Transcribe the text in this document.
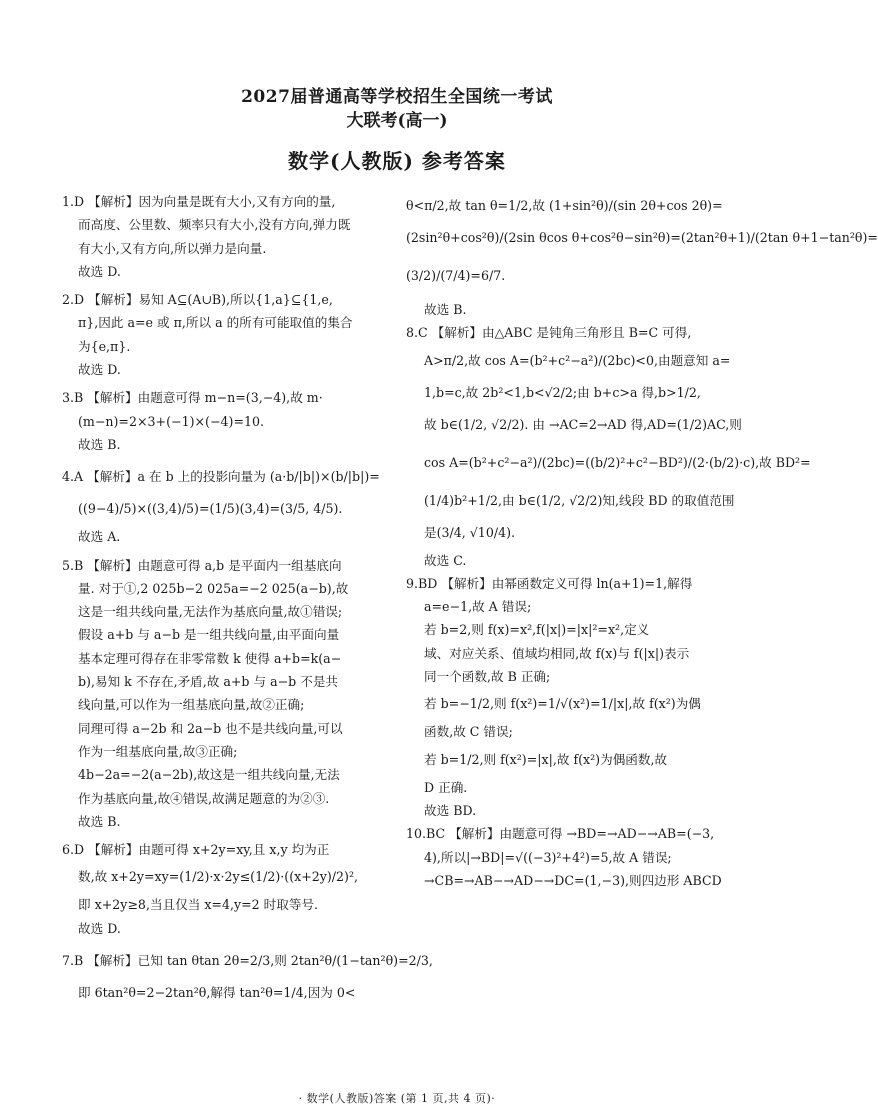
2027届普通高等学校招生全国统一考试
大联考(高一)
数学(人教版) 参考答案
1.D 【解析】因为向量是既有大小,又有方向的量,
而高度、公里数、频率只有大小,没有方向,弹力既
有大小,又有方向,所以弹力是向量.
故选 D.
2.D 【解析】易知 A⊆(A∪B),所以{1,a}⊆{1,e,
π},因此 a=e 或 π,所以 a 的所有可能取值的集合
为{e,π}.
故选 D.
3.B 【解析】由题意可得 m−n=(3,−4),故 m·
(m−n)=2×3+(−1)×(−4)=10.
故选 B.
4.A 【解析】a 在 b 上的投影向量为 (a·b/|b|)×(b/|b|)=
((9−4)/5)×((3,4)/5)=(1/5)(3,4)=(3/5, 4/5).
故选 A.
5.B 【解析】由题意可得 a,b 是平面内一组基底向
量. 对于①,2 025b−2 025a=−2 025(a−b),故
这是一组共线向量,无法作为基底向量,故①错误;
假设 a+b 与 a−b 是一组共线向量,由平面向量
基本定理可得存在非零常数 k 使得 a+b=k(a−
b),易知 k 不存在,矛盾,故 a+b 与 a−b 不是共
线向量,可以作为一组基底向量,故②正确;
同理可得 a−2b 和 2a−b 也不是共线向量,可以
作为一组基底向量,故③正确;
4b−2a=−2(a−2b),故这是一组共线向量,无法
作为基底向量,故④错误,故满足题意的为②③.
故选 B.
6.D 【解析】由题可得 x+2y=xy,且 x,y 均为正
数,故 x+2y=xy=(1/2)·x·2y≤(1/2)·((x+2y)/2)²,
即 x+2y≥8,当且仅当 x=4,y=2 时取等号.
故选 D.
7.B 【解析】已知 tan θtan 2θ=2/3,则 2tan²θ/(1−tan²θ)=2/3,
即 6tan²θ=2−2tan²θ,解得 tan²θ=1/4,因为 0<
θ<π/2,故 tan θ=1/2,故 (1+sin²θ)/(sin 2θ+cos 2θ)=
(2sin²θ+cos²θ)/(2sin θcos θ+cos²θ−sin²θ)=(2tan²θ+1)/(2tan θ+1−tan²θ)=
(3/2)/(7/4)=6/7.
故选 B.
8.C 【解析】由△ABC 是钝角三角形且 B=C 可得,
A>π/2,故 cos A=(b²+c²−a²)/(2bc)<0,由题意知 a=
1,b=c,故 2b²<1,b<√2/2;由 b+c>a 得,b>1/2,
故 b∈(1/2, √2/2). 由 →AC=2→AD 得,AD=(1/2)AC,则
cos A=(b²+c²−a²)/(2bc)=((b/2)²+c²−BD²)/(2·(b/2)·c),故 BD²=
(1/4)b²+1/2,由 b∈(1/2, √2/2)知,线段 BD 的取值范围
是(3/4, √10/4).
故选 C.
9.BD 【解析】由幂函数定义可得 ln(a+1)=1,解得
a=e−1,故 A 错误;
若 b=2,则 f(x)=x²,f(|x|)=|x|²=x²,定义
域、对应关系、值域均相同,故 f(x)与 f(|x|)表示
同一个函数,故 B 正确;
若 b=−1/2,则 f(x²)=1/√(x²)=1/|x|,故 f(x²)为偶
函数,故 C 错误;
若 b=1/2,则 f(x²)=|x|,故 f(x²)为偶函数,故
D 正确.
故选 BD.
10.BC 【解析】由题意可得 →BD=→AD−→AB=(−3,
4),所以|→BD|=√((−3)²+4²)=5,故 A 错误;
→CB=→AB−→AD−→DC=(1,−3),则四边形 ABCD
· 数学(人教版)答案 (第 1 页,共 4 页)·
